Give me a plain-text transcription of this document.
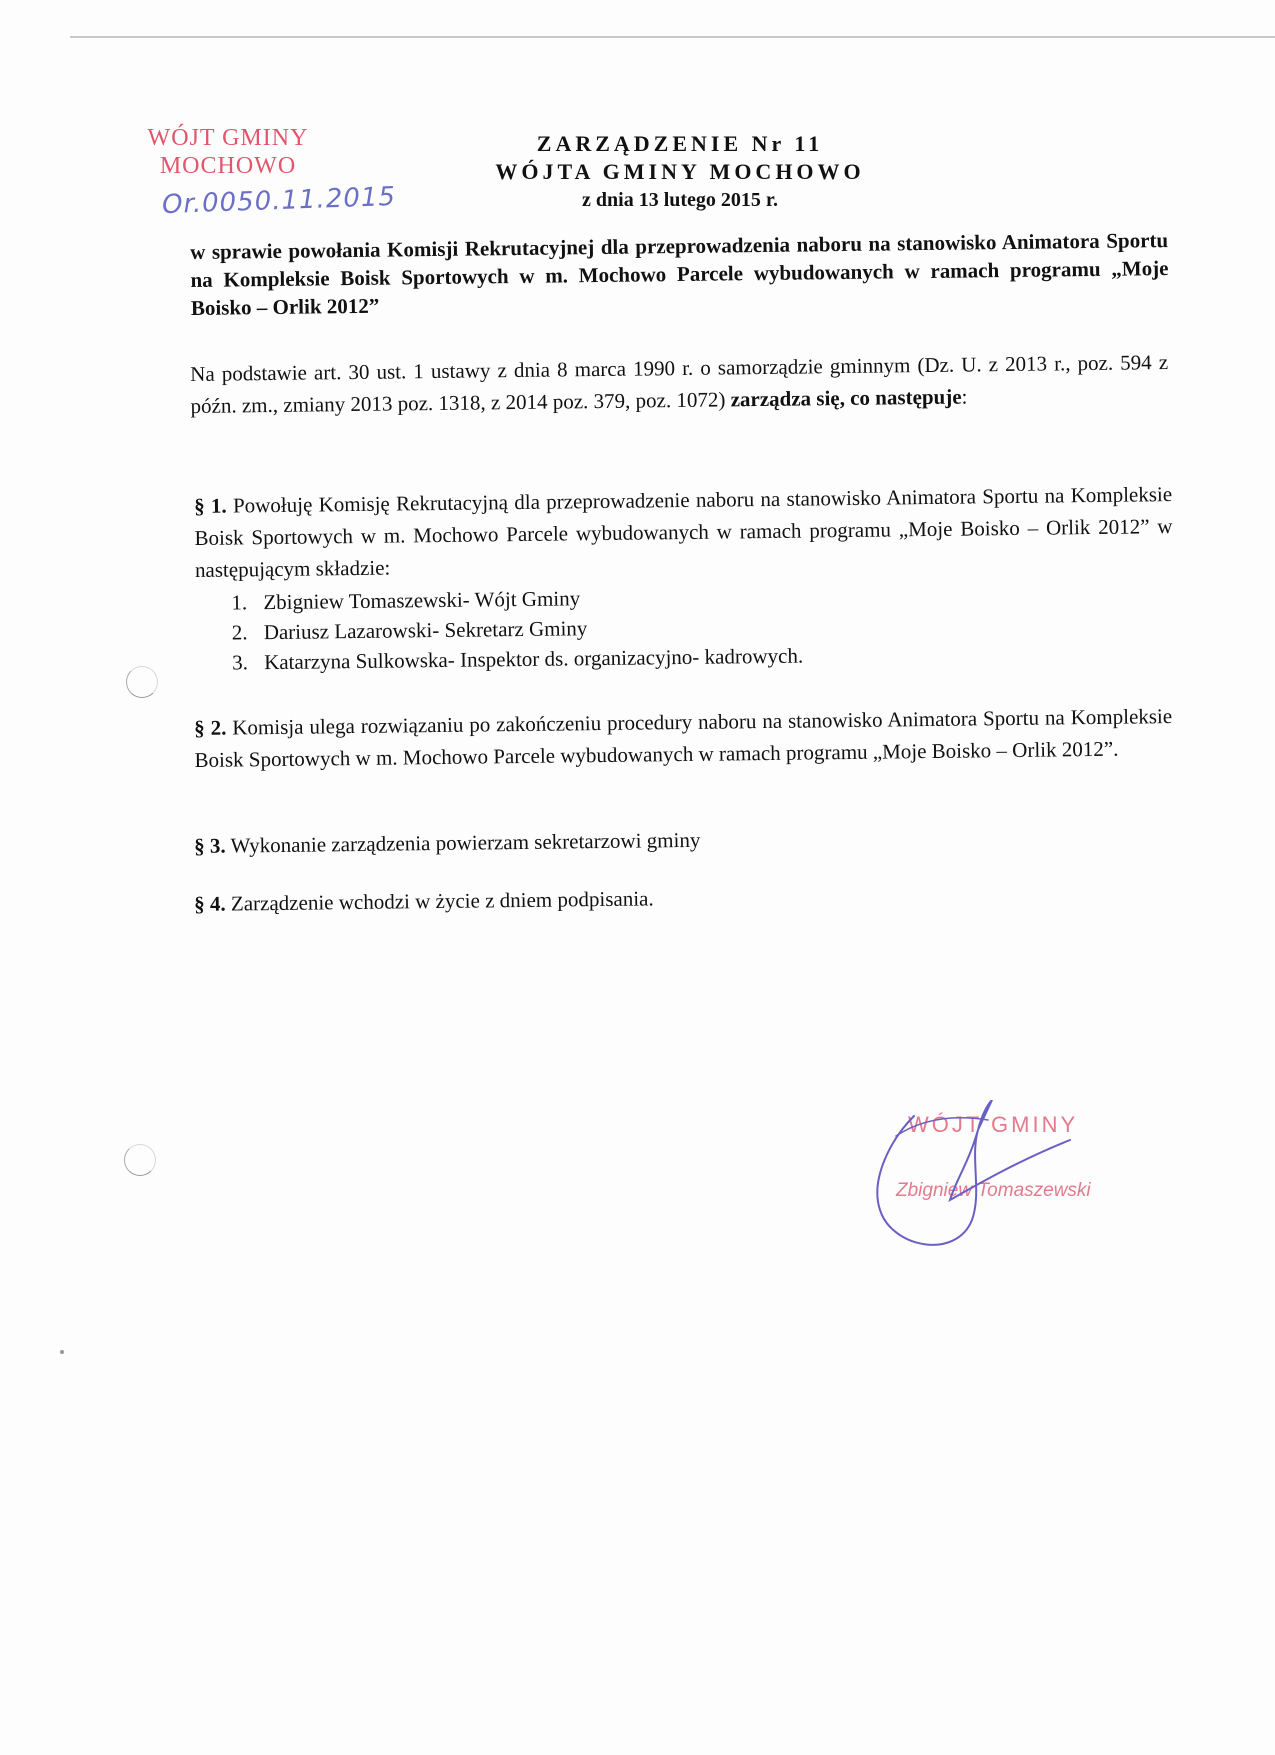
WÓJT GMINY
MOCHOWO
Or.0050.11.2015
ZARZĄDZENIE Nr 11
WÓJTA GMINY MOCHOWO
z dnia 13 lutego 2015 r.
w sprawie powołania Komisji Rekrutacyjnej dla przeprowadzenia naboru na stanowisko Animatora Sportu na Kompleksie Boisk Sportowych w m. Mochowo Parcele wybudowanych w ramach programu „Moje Boisko – Orlik 2012”
Na podstawie art. 30 ust. 1 ustawy z dnia 8 marca 1990 r. o samorządzie gminnym (Dz. U. z 2013 r., poz. 594 z późn. zm., zmiany 2013 poz. 1318, z 2014 poz. 379, poz. 1072) zarządza się, co następuje:
§ 1. Powołuję Komisję Rekrutacyjną dla przeprowadzenie naboru na stanowisko Animatora Sportu na Kompleksie Boisk Sportowych w m. Mochowo Parcele wybudowanych w ramach programu „Moje Boisko – Orlik 2012” w następującym składzie:
1. Zbigniew Tomaszewski- Wójt Gminy
2. Dariusz Lazarowski- Sekretarz Gminy
3. Katarzyna Sulkowska- Inspektor ds. organizacyjno- kadrowych.
§ 2. Komisja ulega rozwiązaniu po zakończeniu procedury naboru na stanowisko Animatora Sportu na Kompleksie Boisk Sportowych w m. Mochowo Parcele wybudowanych w ramach programu „Moje Boisko – Orlik 2012”.
§ 3. Wykonanie zarządzenia powierzam sekretarzowi gminy
§ 4. Zarządzenie wchodzi w życie z dniem podpisania.
WÓJT GMINY
Zbigniew Tomaszewski
